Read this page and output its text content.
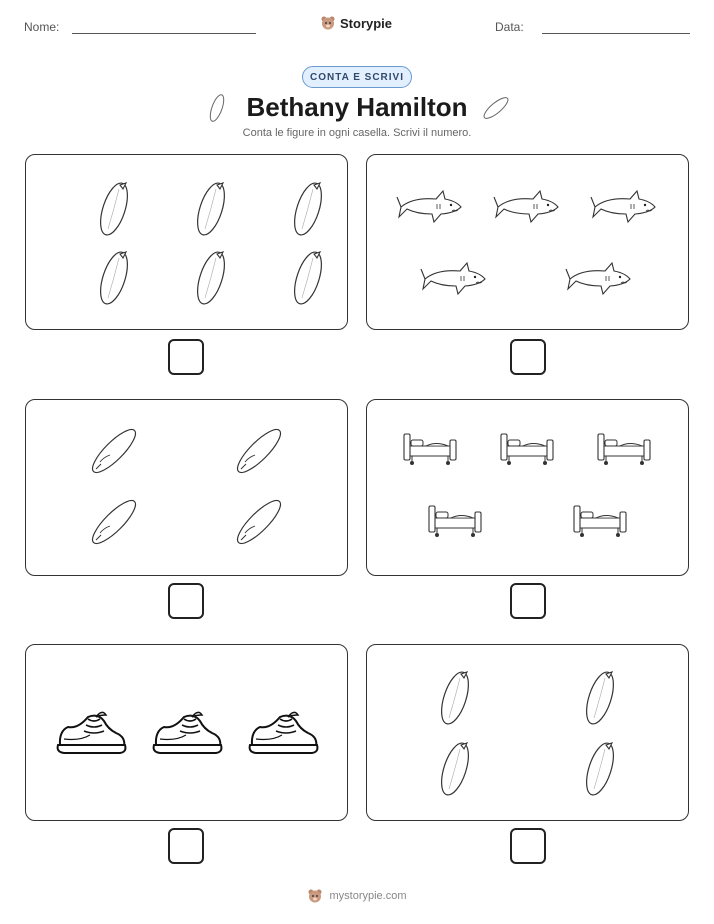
Nome:	Storypie	Data:
CONTA E SCRIVI
Bethany Hamilton
Conta le figure in ogni casella. Scrivi il numero.
mystorypie.com
